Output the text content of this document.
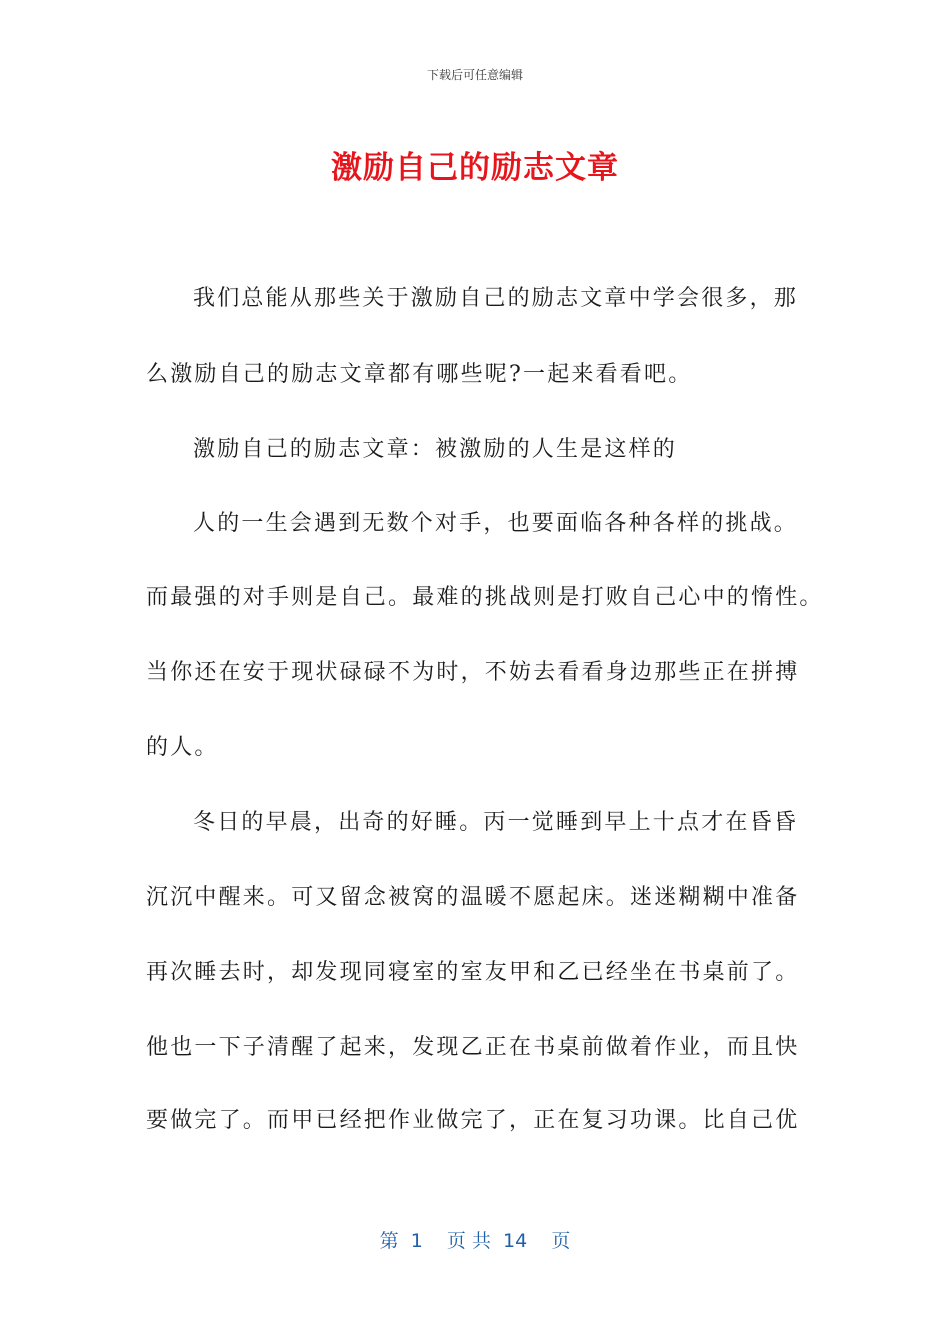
下载后可任意编辑
激励自己的励志文章
我们总能从那些关于激励自己的励志文章中学会很多，那
么激励自己的励志文章都有哪些呢?一起来看看吧。
激励自己的励志文章：被激励的人生是这样的
人的一生会遇到无数个对手，也要面临各种各样的挑战。
而最强的对手则是自己。最难的挑战则是打败自己心中的惰性。
当你还在安于现状碌碌不为时，不妨去看看身边那些正在拼搏
的人。
冬日的早晨，出奇的好睡。丙一觉睡到早上十点才在昏昏
沉沉中醒来。可又留念被窝的温暖不愿起床。迷迷糊糊中准备
再次睡去时，却发现同寝室的室友甲和乙已经坐在书桌前了。
他也一下子清醒了起来，发现乙正在书桌前做着作业，而且快
要做完了。而甲已经把作业做完了，正在复习功课。比自己优
第  1    页 共  14    页
